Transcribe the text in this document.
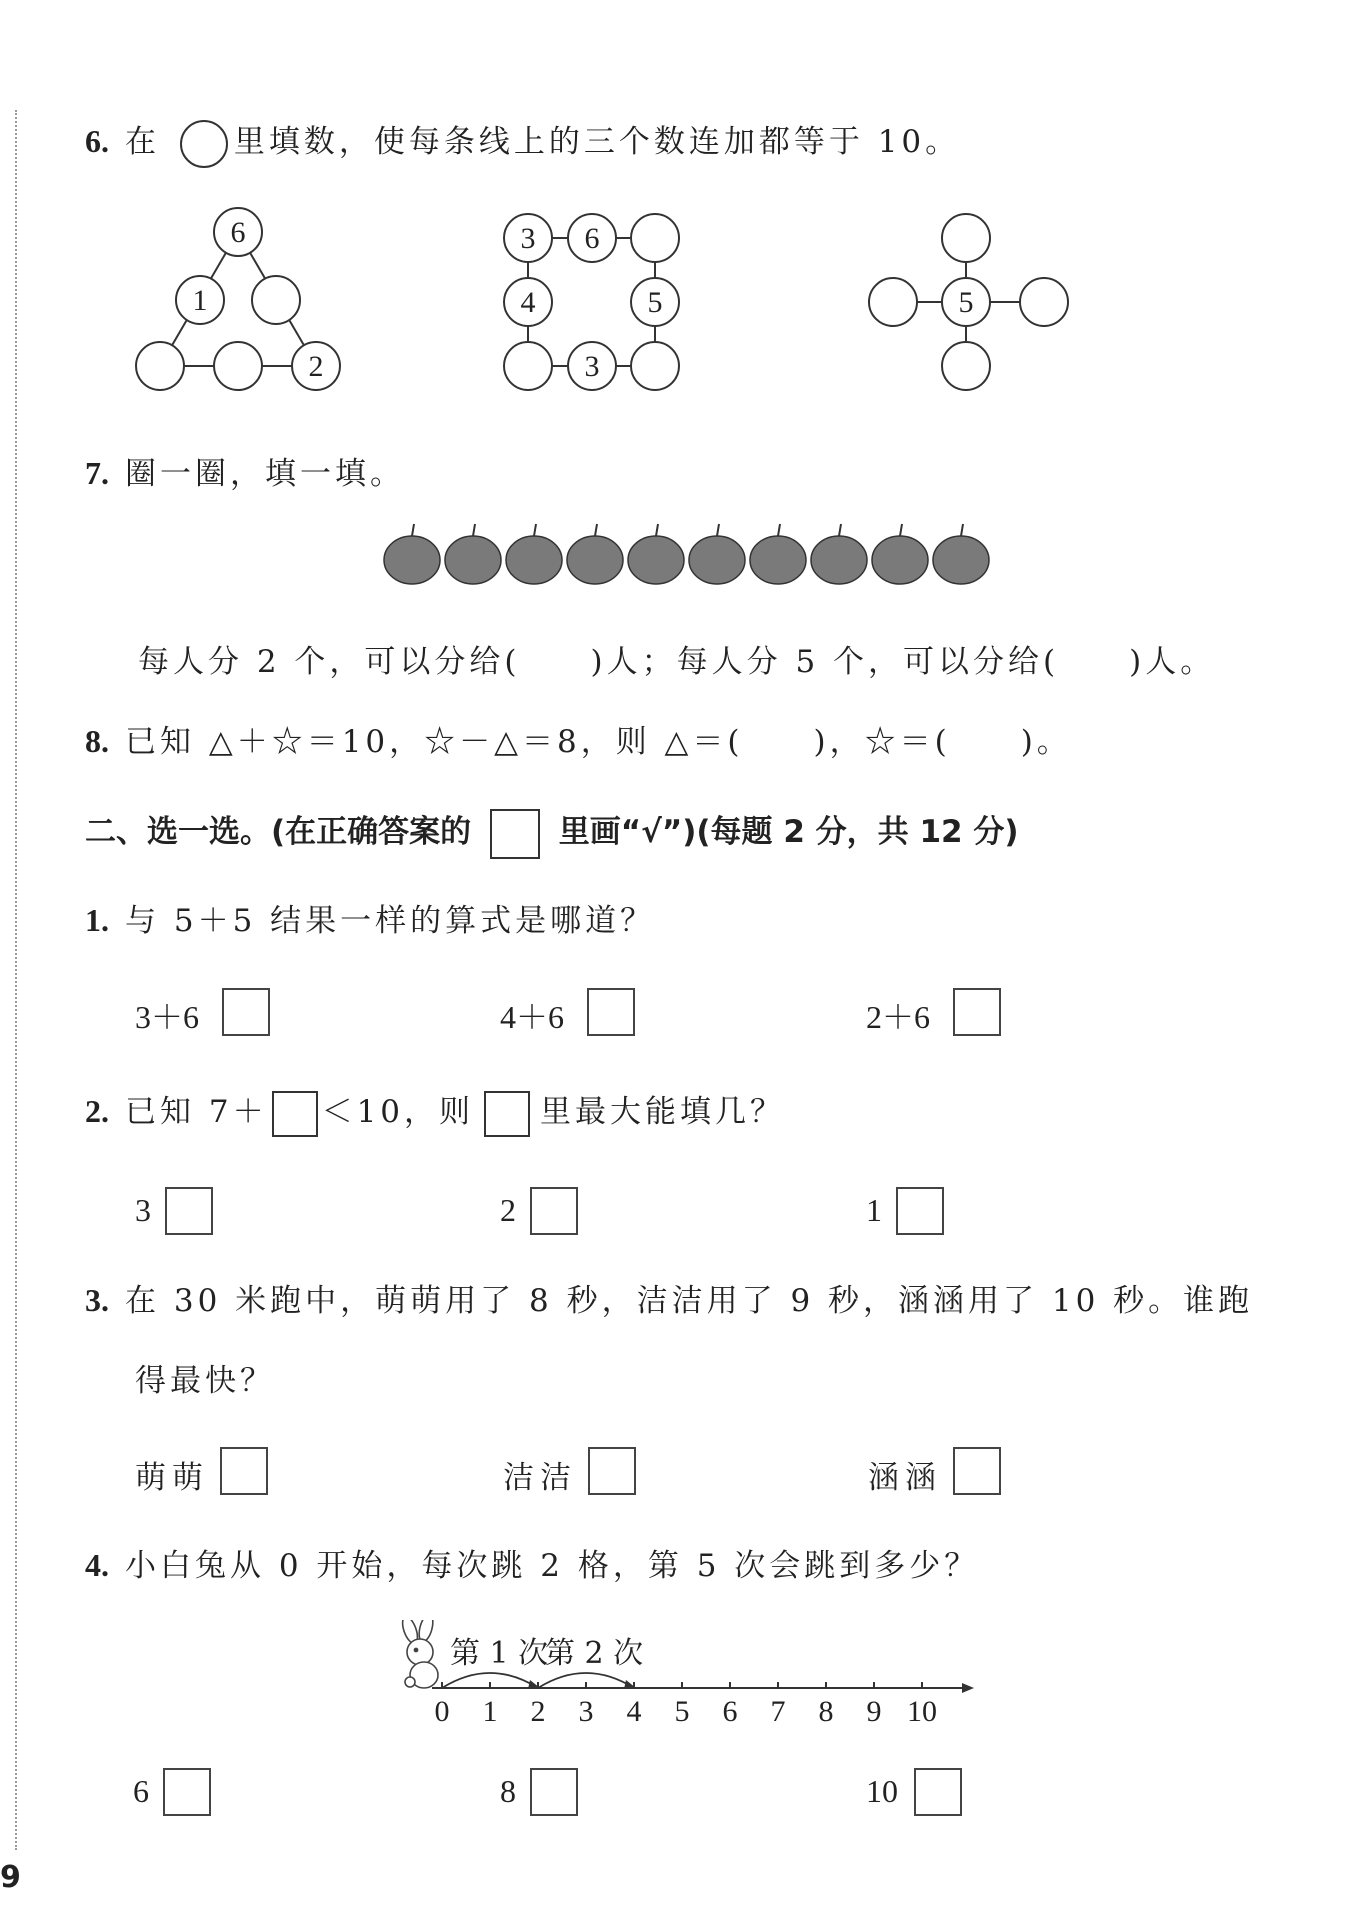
6. 在 里填数，使每条线上的三个数连加都等于 10。
6
1
2
3 6
4	5
3
5
7. 圈一圈，填一填。
每人分 2 个，可以分给( )人；每人分 5 个，可以分给( )人。
8. 已知 △＋☆＝10，☆－△＝8，则 △＝( )，☆＝( )。
二、选一选。(在正确答案的	里画“√”)(每题 2 分，共 12 分)
1. 与 5＋5 结果一样的算式是哪道？
3＋6	4＋6	2＋6
2. 已知 7＋ ＜10，则 里最大能填几？
3	2	1
3. 在 30 米跑中，萌萌用了 8 秒，洁洁用了 9 秒，涵涵用了 10 秒。谁跑
得最快？
萌萌	洁洁	涵涵
4. 小白兔从 0 开始，每次跳 2 格，第 5 次会跳到多少？
第 1 次
第 2 次
0 1 2 3 4 5 6 7 8 9 10
6	8	10
9
